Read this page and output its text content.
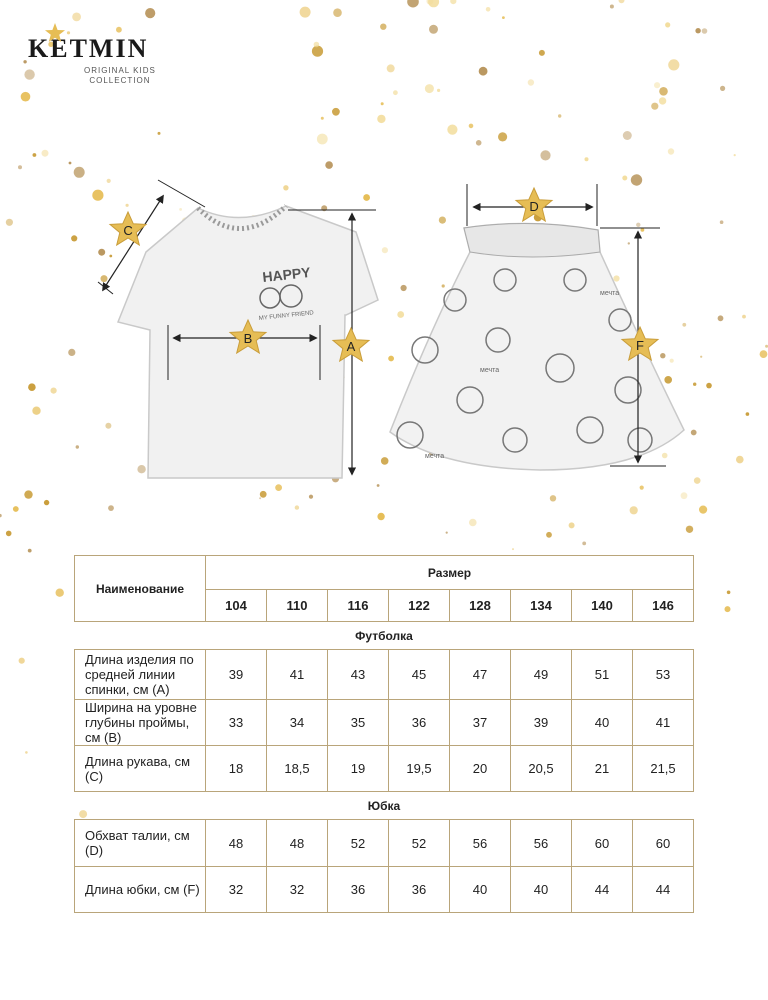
KETMIN
ORIGINAL KIDS
COLLECTION
HAPPY
MY FUNNY FRIEND
мечта
мечта
мечта
A
B
C
D
F
Наименование	Размер							
	104	110	116	122	128	134	140	146
Футболка								
Длина изделия по средней линии спинки, см (A)	39	41	43	45	47	49	51	53
Ширина на уровне глубины проймы, см (B)	33	34	35	36	37	39	40	41
Длина рукава, см (C)	18	18,5	19	19,5	20	20,5	21	21,5
Юбка								
Обхват талии, см (D)	48	48	52	52	56	56	60	60
Длина юбки, см (F)	32	32	36	36	40	40	44	44
